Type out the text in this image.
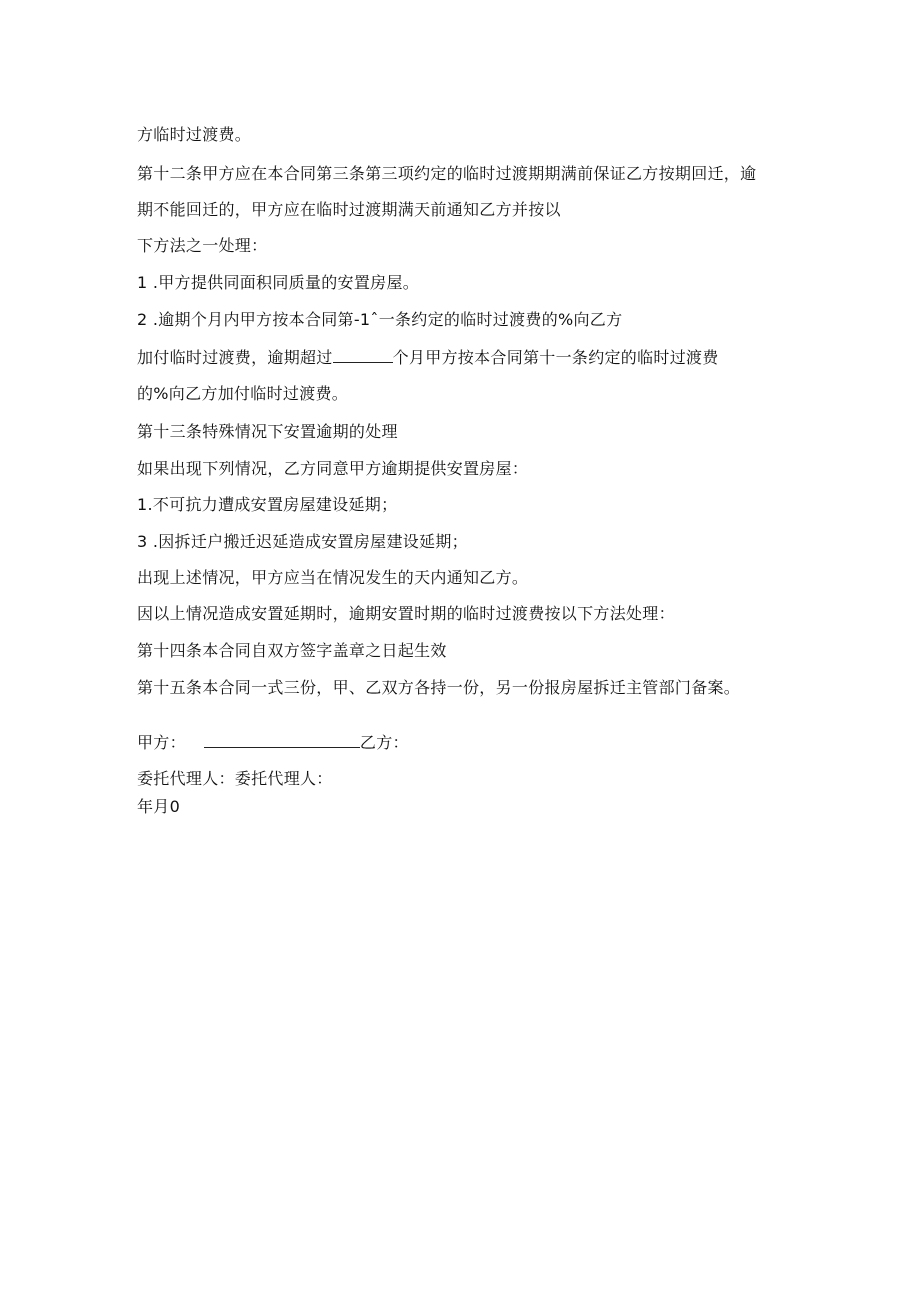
方临时过渡费。
第十二条甲方应在本合同第三条第三项约定的临时过渡期期满前保证乙方按期回迁，逾
期不能回迁的，甲方应在临时过渡期满天前通知乙方并按以
下方法之一处理：
1 .甲方提供同面积同质量的安置房屋。
2 .逾期个月内甲方按本合同第-1ˆ一条约定的临时过渡费的%向乙方
加付临时过渡费，逾期超过	个月甲方按本合同第十一条约定的临时过渡费
的%向乙方加付临时过渡费。
第十三条特殊情况下安置逾期的处理
如果出现下列情况，乙方同意甲方逾期提供安置房屋：
1.不可抗力遭成安置房屋建设延期；
3 .因拆迁户搬迁迟延造成安置房屋建设延期；
出现上述情况，甲方应当在情况发生的天内通知乙方。
因以上情况造成安置延期时，逾期安置时期的临时过渡费按以下方法处理：
第十四条本合同自双方签字盖章之日起生效
第十五条本合同一式三份，甲、乙双方各持一份，另一份报房屋拆迁主管部门备案。
甲方：	乙方：
委托代理人：委托代理人：
年月0
